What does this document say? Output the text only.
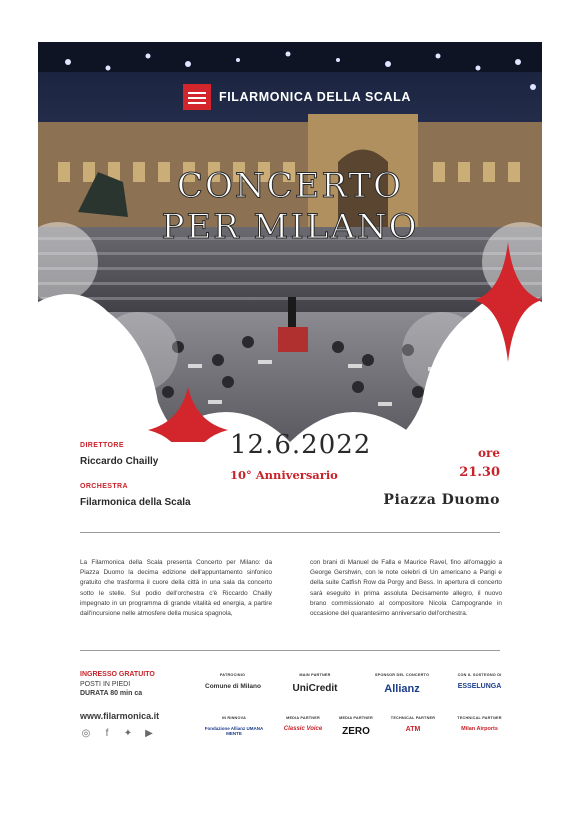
FILARMONICA DELLA SCALA
CONCERTO
PER MILANO
DIRETTORE
Riccardo Chailly
ORCHESTRA
Filarmonica della Scala
12.6.2022
10° Anniversario
ore
21.30
Piazza Duomo
La Filarmonica della Scala presenta Concerto per Milano: da Piazza Duomo la decima edizione dell'appuntamento sinfonico gratuito che trasforma il cuore della città in una sala da concerto sotto le stelle. Sul podio dell'orchestra c'è Riccardo Chailly impegnato in un programma di grande vitalità ed energia, a partire dall'incursione nelle atmosfere della musica spagnola,
con brani di Manuel de Falla e Maurice Ravel, fino all'omaggio a George Gershwin, con le note celebri di Un americano a Parigi e della suite Catfish Row da Porgy and Bess. In apertura di concerto sarà eseguito in prima assoluta Decisamente allegro, il nuovo brano commissionato al compositore Nicola Campogrande in occasione del quarantesimo anniversario dell'orchestra.
INGRESSO GRATUITO
POSTI IN PIEDI
DURATA 80 min ca
www.filarmonica.it
◎	f	✦ ▶
PATROCINIO
Comune di Milano
MAIN PARTNER
UniCredit
SPONSOR DEL CONCERTO
Allianz
CON IL SOSTEGNO DI
ESSELUNGA
IN RINNOVA
Fondazione Allianz UMANA MENTE
MEDIA PARTNER
Classic Voice
MEDIA PARTNER
ZERO
TECHNICAL PARTNER
ATM
TECHNICAL PARTNER
Milan Airports
